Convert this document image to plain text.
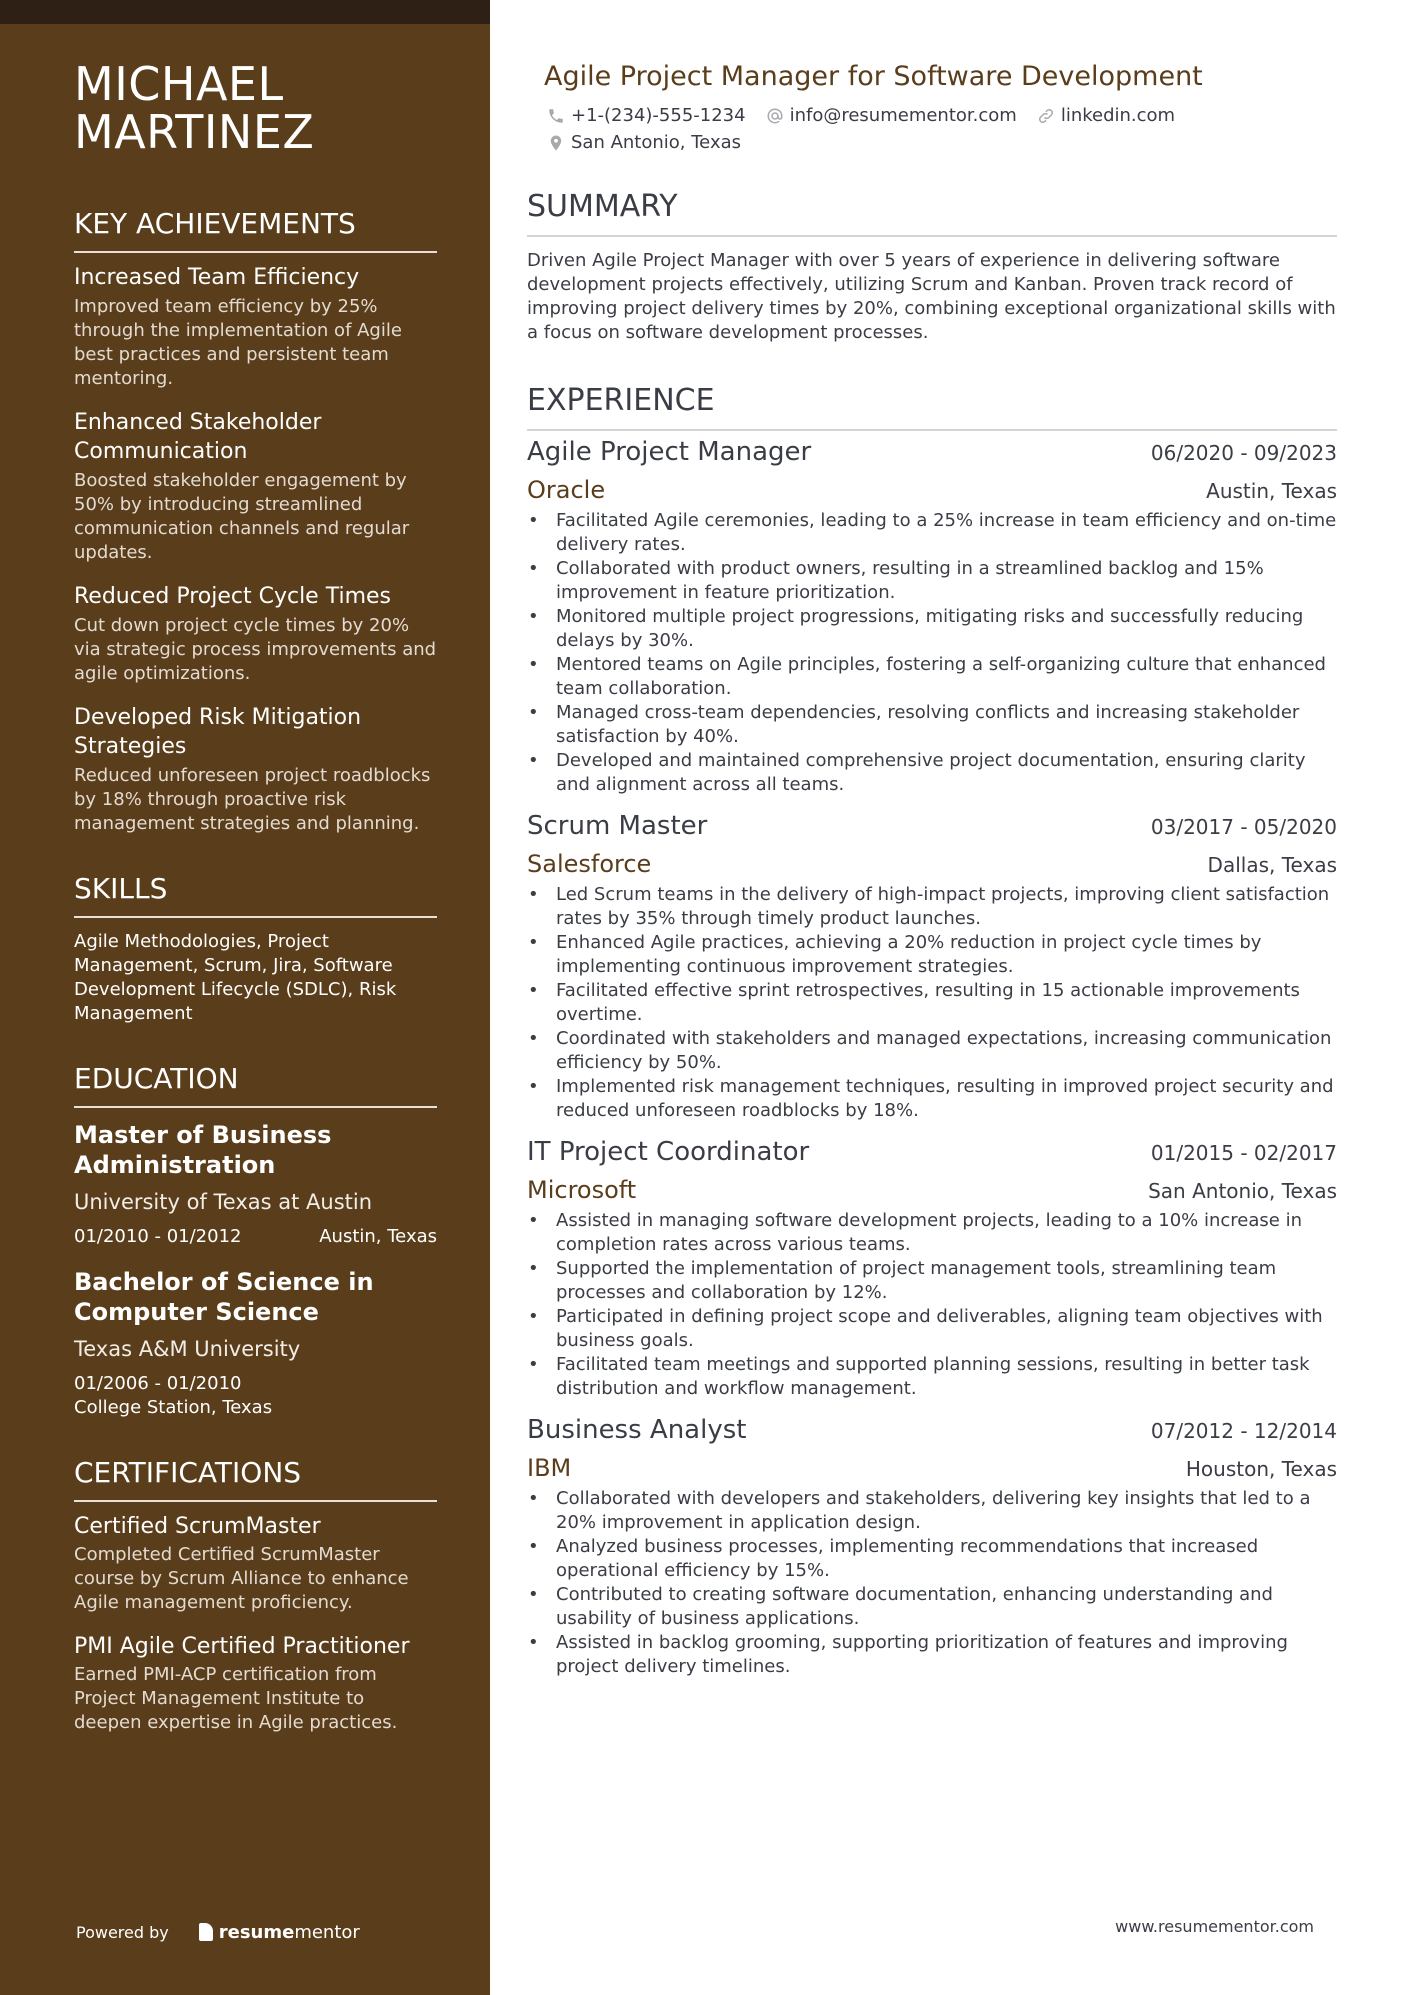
MICHAEL
MARTINEZ
KEY ACHIEVEMENTS
Increased Team Efficiency
Improved team efficiency by 25% through the implementation of Agile best practices and persistent team mentoring.
Enhanced Stakeholder Communication
Boosted stakeholder engagement by 50% by introducing streamlined communication channels and regular updates.
Reduced Project Cycle Times
Cut down project cycle times by 20% via strategic process improvements and agile optimizations.
Developed Risk Mitigation Strategies
Reduced unforeseen project roadblocks by 18% through proactive risk management strategies and planning.
SKILLS
Agile Methodologies, Project Management, Scrum, Jira, Software Development Lifecycle (SDLC), Risk Management
EDUCATION
Master of Business Administration
University of Texas at Austin
01/2010 - 01/2012	Austin, Texas
Bachelor of Science in Computer Science
Texas A&M University
01/2006 - 01/2010
College Station, Texas
CERTIFICATIONS
Certified ScrumMaster
Completed Certified ScrumMaster course by Scrum Alliance to enhance Agile management proficiency.
PMI Agile Certified Practitioner
Earned PMI-ACP certification from Project Management Institute to deepen expertise in Agile practices.
Powered by	resume mentor
Agile Project Manager for Software Development
+1-(234)-555-1234 info@resumementor.com linkedin.com
San Antonio, Texas
SUMMARY
Driven Agile Project Manager with over 5 years of experience in delivering software development projects effectively, utilizing Scrum and Kanban. Proven track record of improving project delivery times by 20%, combining exceptional organizational skills with a focus on software development processes.
EXPERIENCE
Agile Project Manager	06/2020 - 09/2023
Oracle	Austin, Texas
• Facilitated Agile ceremonies, leading to a 25% increase in team efficiency and on-time delivery rates.
• Collaborated with product owners, resulting in a streamlined backlog and 15% improvement in feature prioritization.
• Monitored multiple project progressions, mitigating risks and successfully reducing delays by 30%.
• Mentored teams on Agile principles, fostering a self-organizing culture that enhanced team collaboration.
• Managed cross-team dependencies, resolving conflicts and increasing stakeholder satisfaction by 40%.
• Developed and maintained comprehensive project documentation, ensuring clarity and alignment across all teams.
Scrum Master	03/2017 - 05/2020
Salesforce	Dallas, Texas
• Led Scrum teams in the delivery of high-impact projects, improving client satisfaction rates by 35% through timely product launches.
• Enhanced Agile practices, achieving a 20% reduction in project cycle times by implementing continuous improvement strategies.
• Facilitated effective sprint retrospectives, resulting in 15 actionable improvements overtime.
• Coordinated with stakeholders and managed expectations, increasing communication efficiency by 50%.
• Implemented risk management techniques, resulting in improved project security and reduced unforeseen roadblocks by 18%.
IT Project Coordinator	01/2015 - 02/2017
Microsoft	San Antonio, Texas
• Assisted in managing software development projects, leading to a 10% increase in completion rates across various teams.
• Supported the implementation of project management tools, streamlining team processes and collaboration by 12%.
• Participated in defining project scope and deliverables, aligning team objectives with business goals.
• Facilitated team meetings and supported planning sessions, resulting in better task distribution and workflow management.
Business Analyst	07/2012 - 12/2014
IBM	Houston, Texas
• Collaborated with developers and stakeholders, delivering key insights that led to a 20% improvement in application design.
• Analyzed business processes, implementing recommendations that increased operational efficiency by 15%.
• Contributed to creating software documentation, enhancing understanding and usability of business applications.
• Assisted in backlog grooming, supporting prioritization of features and improving project delivery timelines.
www.resumementor.com
